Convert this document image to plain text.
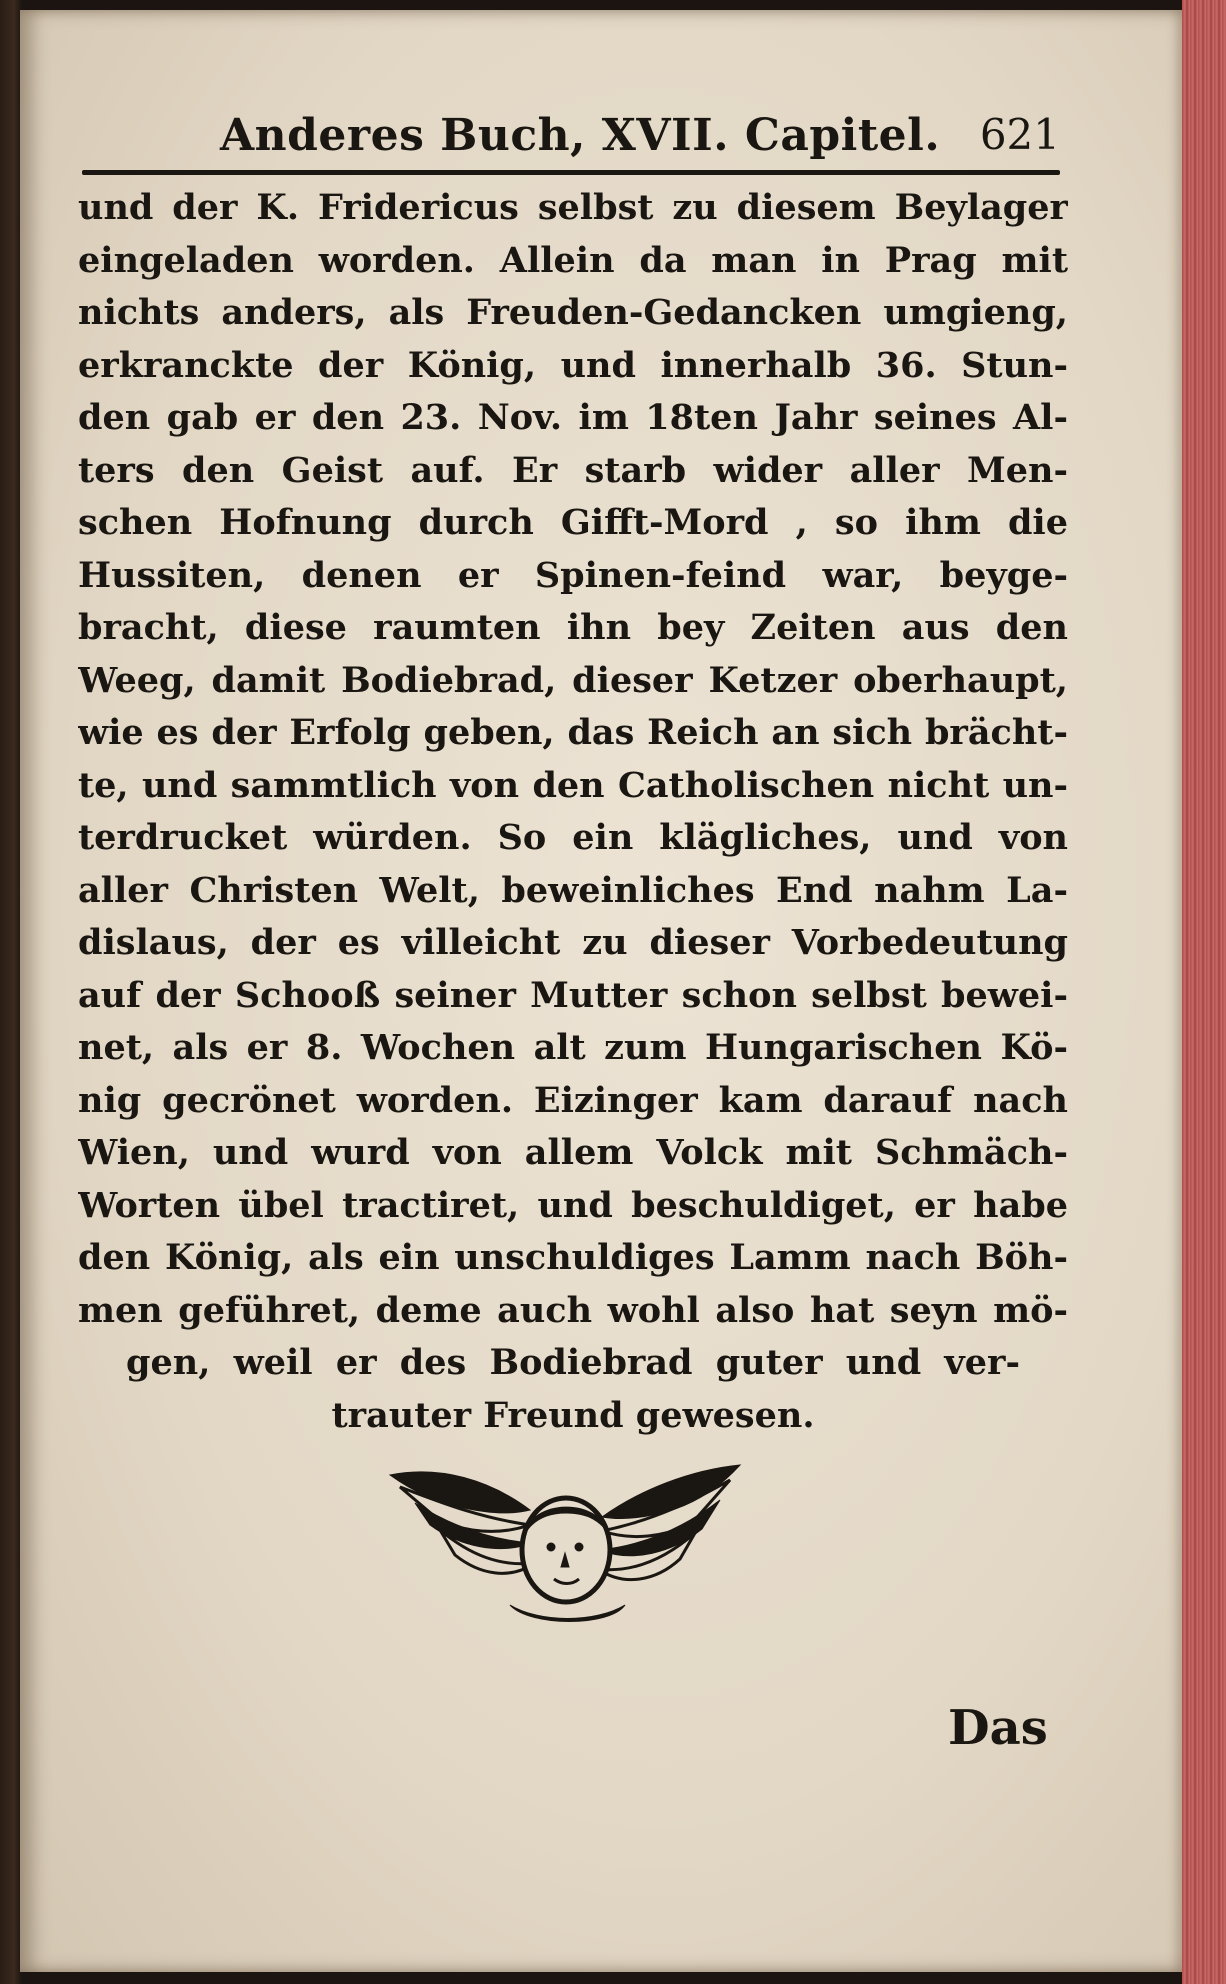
Anderes Buch, XVII. Capitel. 621
und der K. Fridericus selbst zu diesem Beylager
eingeladen worden. Allein da man in Prag mit
nichts anders, als Freuden-Gedancken umgieng,
erkranckte der König, und innerhalb 36. Stun-
den gab er den 23. Nov. im 18ten Jahr seines Al-
ters den Geist auf. Er starb wider aller Men-
schen Hofnung durch Gifft-Mord , so ihm die
Hussiten, denen er Spinen-feind war, beyge-
bracht, diese raumten ihn bey Zeiten aus den
Weeg, damit Bodiebrad, dieser Ketzer oberhaupt,
wie es der Erfolg geben, das Reich an sich brächt-
te, und sammtlich von den Catholischen nicht un-
terdrucket würden. So ein klägliches, und von
aller Christen Welt, beweinliches End nahm La-
dislaus, der es villeicht zu dieser Vorbedeutung
auf der Schooß seiner Mutter schon selbst bewei-
net, als er 8. Wochen alt zum Hungarischen Kö-
nig gecrönet worden. Eizinger kam darauf nach
Wien, und wurd von allem Volck mit Schmäch-
Worten übel tractiret, und beschuldiget, er habe
den König, als ein unschuldiges Lamm nach Böh-
men geführet, deme auch wohl also hat seyn mö-
gen, weil er des Bodiebrad guter und ver-
trauter Freund gewesen.
Das
